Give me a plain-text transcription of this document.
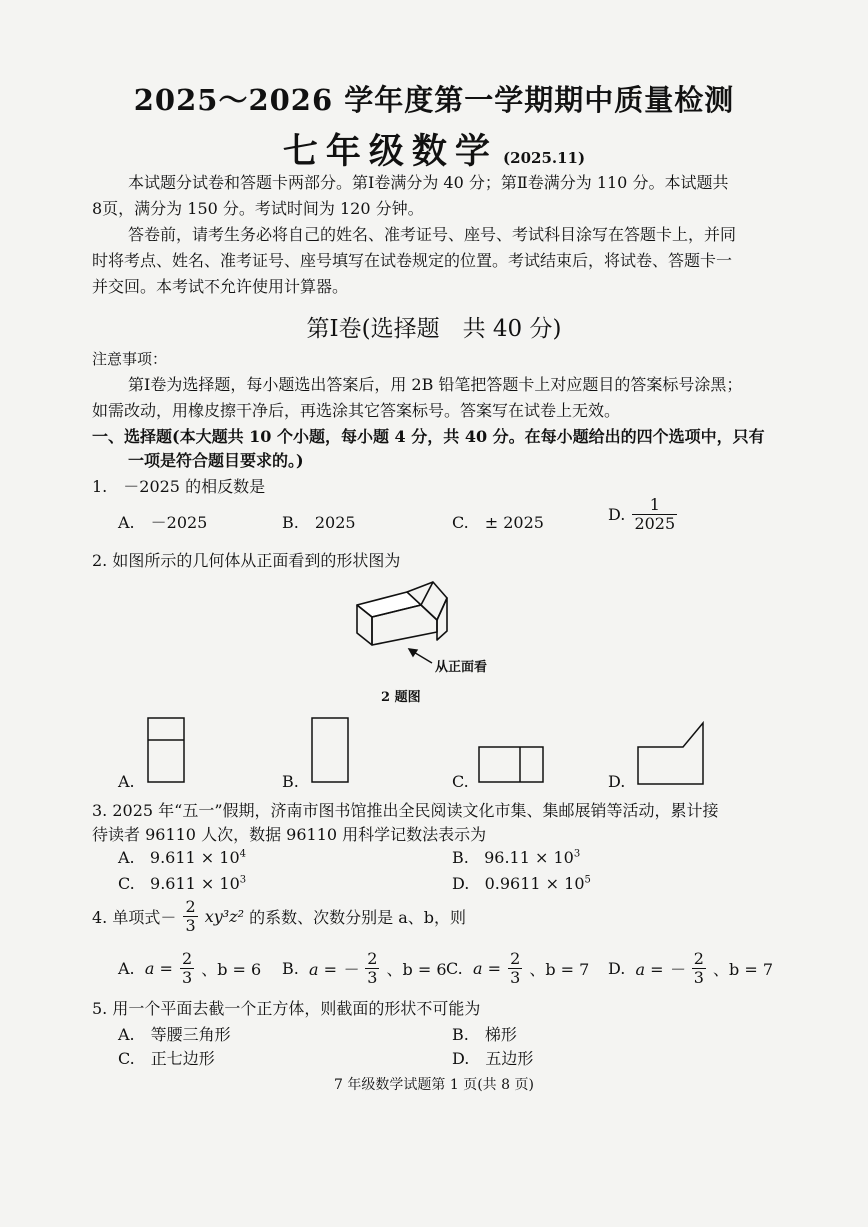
2025～2026 学年度第一学期期中质量检测
七年级数学 (2025.11)
本试题分试卷和答题卡两部分。第Ⅰ卷满分为 40 分；第Ⅱ卷满分为 110 分。本试题共
8页，满分为 150 分。考试时间为 120 分钟。
答卷前，请考生务必将自己的姓名、准考证号、座号、考试科目涂写在答题卡上，并同
时将考点、姓名、准考证号、座号填写在试卷规定的位置。考试结束后，将试卷、答题卡一
并交回。本考试不允许使用计算器。
第Ⅰ卷(选择题　共 40 分)
注意事项：
第Ⅰ卷为选择题，每小题选出答案后，用 2B 铅笔把答题卡上对应题目的答案标号涂黑；
如需改动，用橡皮擦干净后，再选涂其它答案标号。答案写在试卷上无效。
一、选择题(本大题共 10 个小题，每小题 4 分，共 40 分。在每小题给出的四个选项中，只有
一项是符合题目要求的。)
1.　－2025 的相反数是
A.　－2025	B.　2025	C.　± 2025	D. $\frac{1}{2025}$
2. 如图所示的几何体从正面看到的形状图为
从正面看
2 题图
A.	B.	C.	D.
3. 2025 年“五一”假期，济南市图书馆推出全民阅读文化市集、集邮展销等活动，累计接
待读者 96110 人次，数据 96110 用科学记数法表示为
A. $9.611 \times 10^4$	B. $96.11 \times 10^3$
C. $9.611 \times 10^3$	D. $0.9611 \times 10^5$
4. 单项式－ $\frac{2}{3} xy^3z^2$ 的系数、次数分别是 a、b，则
A. $a = \frac{2}{3}$ 、b = 6 B. a = － $\frac{2}{3}$ 、b = 6 C. $a = \frac{2}{3}$ 、b = 7 D. a = － $\frac{2}{3}$ 、b = 7
5. 用一个平面去截一个正方体，则截面的形状不可能为
A.　等腰三角形	B.　梯形
C.　正七边形	D.　五边形
7 年级数学试题第 1 页(共 8 页)
